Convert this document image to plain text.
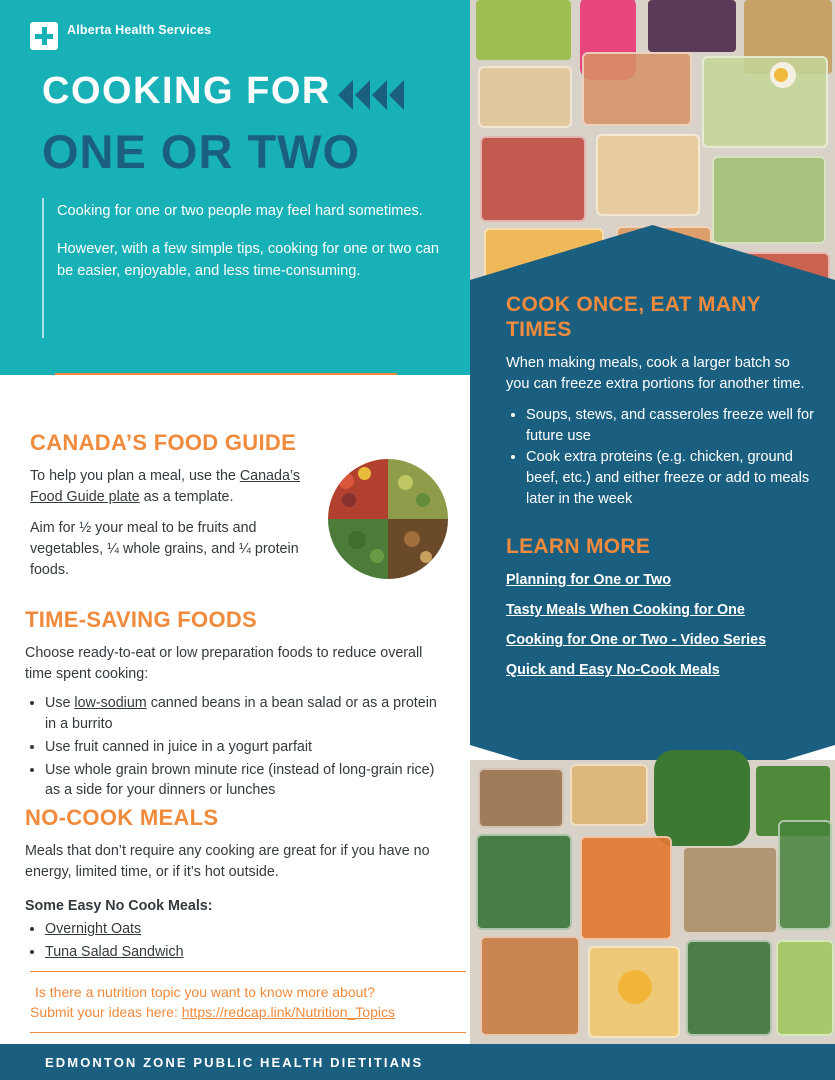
Alberta Health Services
COOKING FOR
ONE OR TWO

Cooking for one or two people may feel hard sometimes.

However, with a few simple tips, cooking for one or two can be easier, enjoyable, and less time-consuming.

CANADA’S FOOD GUIDE

To help you plan a meal, use the Canada’s Food Guide plate as a template.

Aim for ½ your meal to be fruits and vegetables, ¼ whole grains, and ¼ protein foods.

TIME-SAVING FOODS

Choose ready-to-eat or low preparation foods to reduce overall time spent cooking:

• Use low-sodium canned beans in a bean salad or as a protein in a burrito
• Use fruit canned in juice in a yogurt parfait
• Use whole grain brown minute rice (instead of long-grain rice) as a side for your dinners or lunches
NO-COOK MEALS

Meals that don’t require any cooking are great for if you have no energy, limited time, or if it’s hot outside.

Some Easy No Cook Meals:

• Overnight Oats
• Tuna Salad Sandwich
Is there a nutrition topic you want to know more about?
Submit your ideas here: https://redcap.link/Nutrition_Topics
COOK ONCE, EAT MANY TIMES

When making meals, cook a larger batch so you can freeze extra portions for another time.

• Soups, stews, and casseroles freeze well for future use
• Cook extra proteins (e.g. chicken, ground beef, etc.) and either freeze or add to meals later in the week
LEARN MORE
Planning for One or Two
Tasty Meals When Cooking for One
Cooking for One or Two - Video Series
Quick and Easy No-Cook Meals
EDMONTON ZONE PUBLIC HEALTH DIETITIANS
